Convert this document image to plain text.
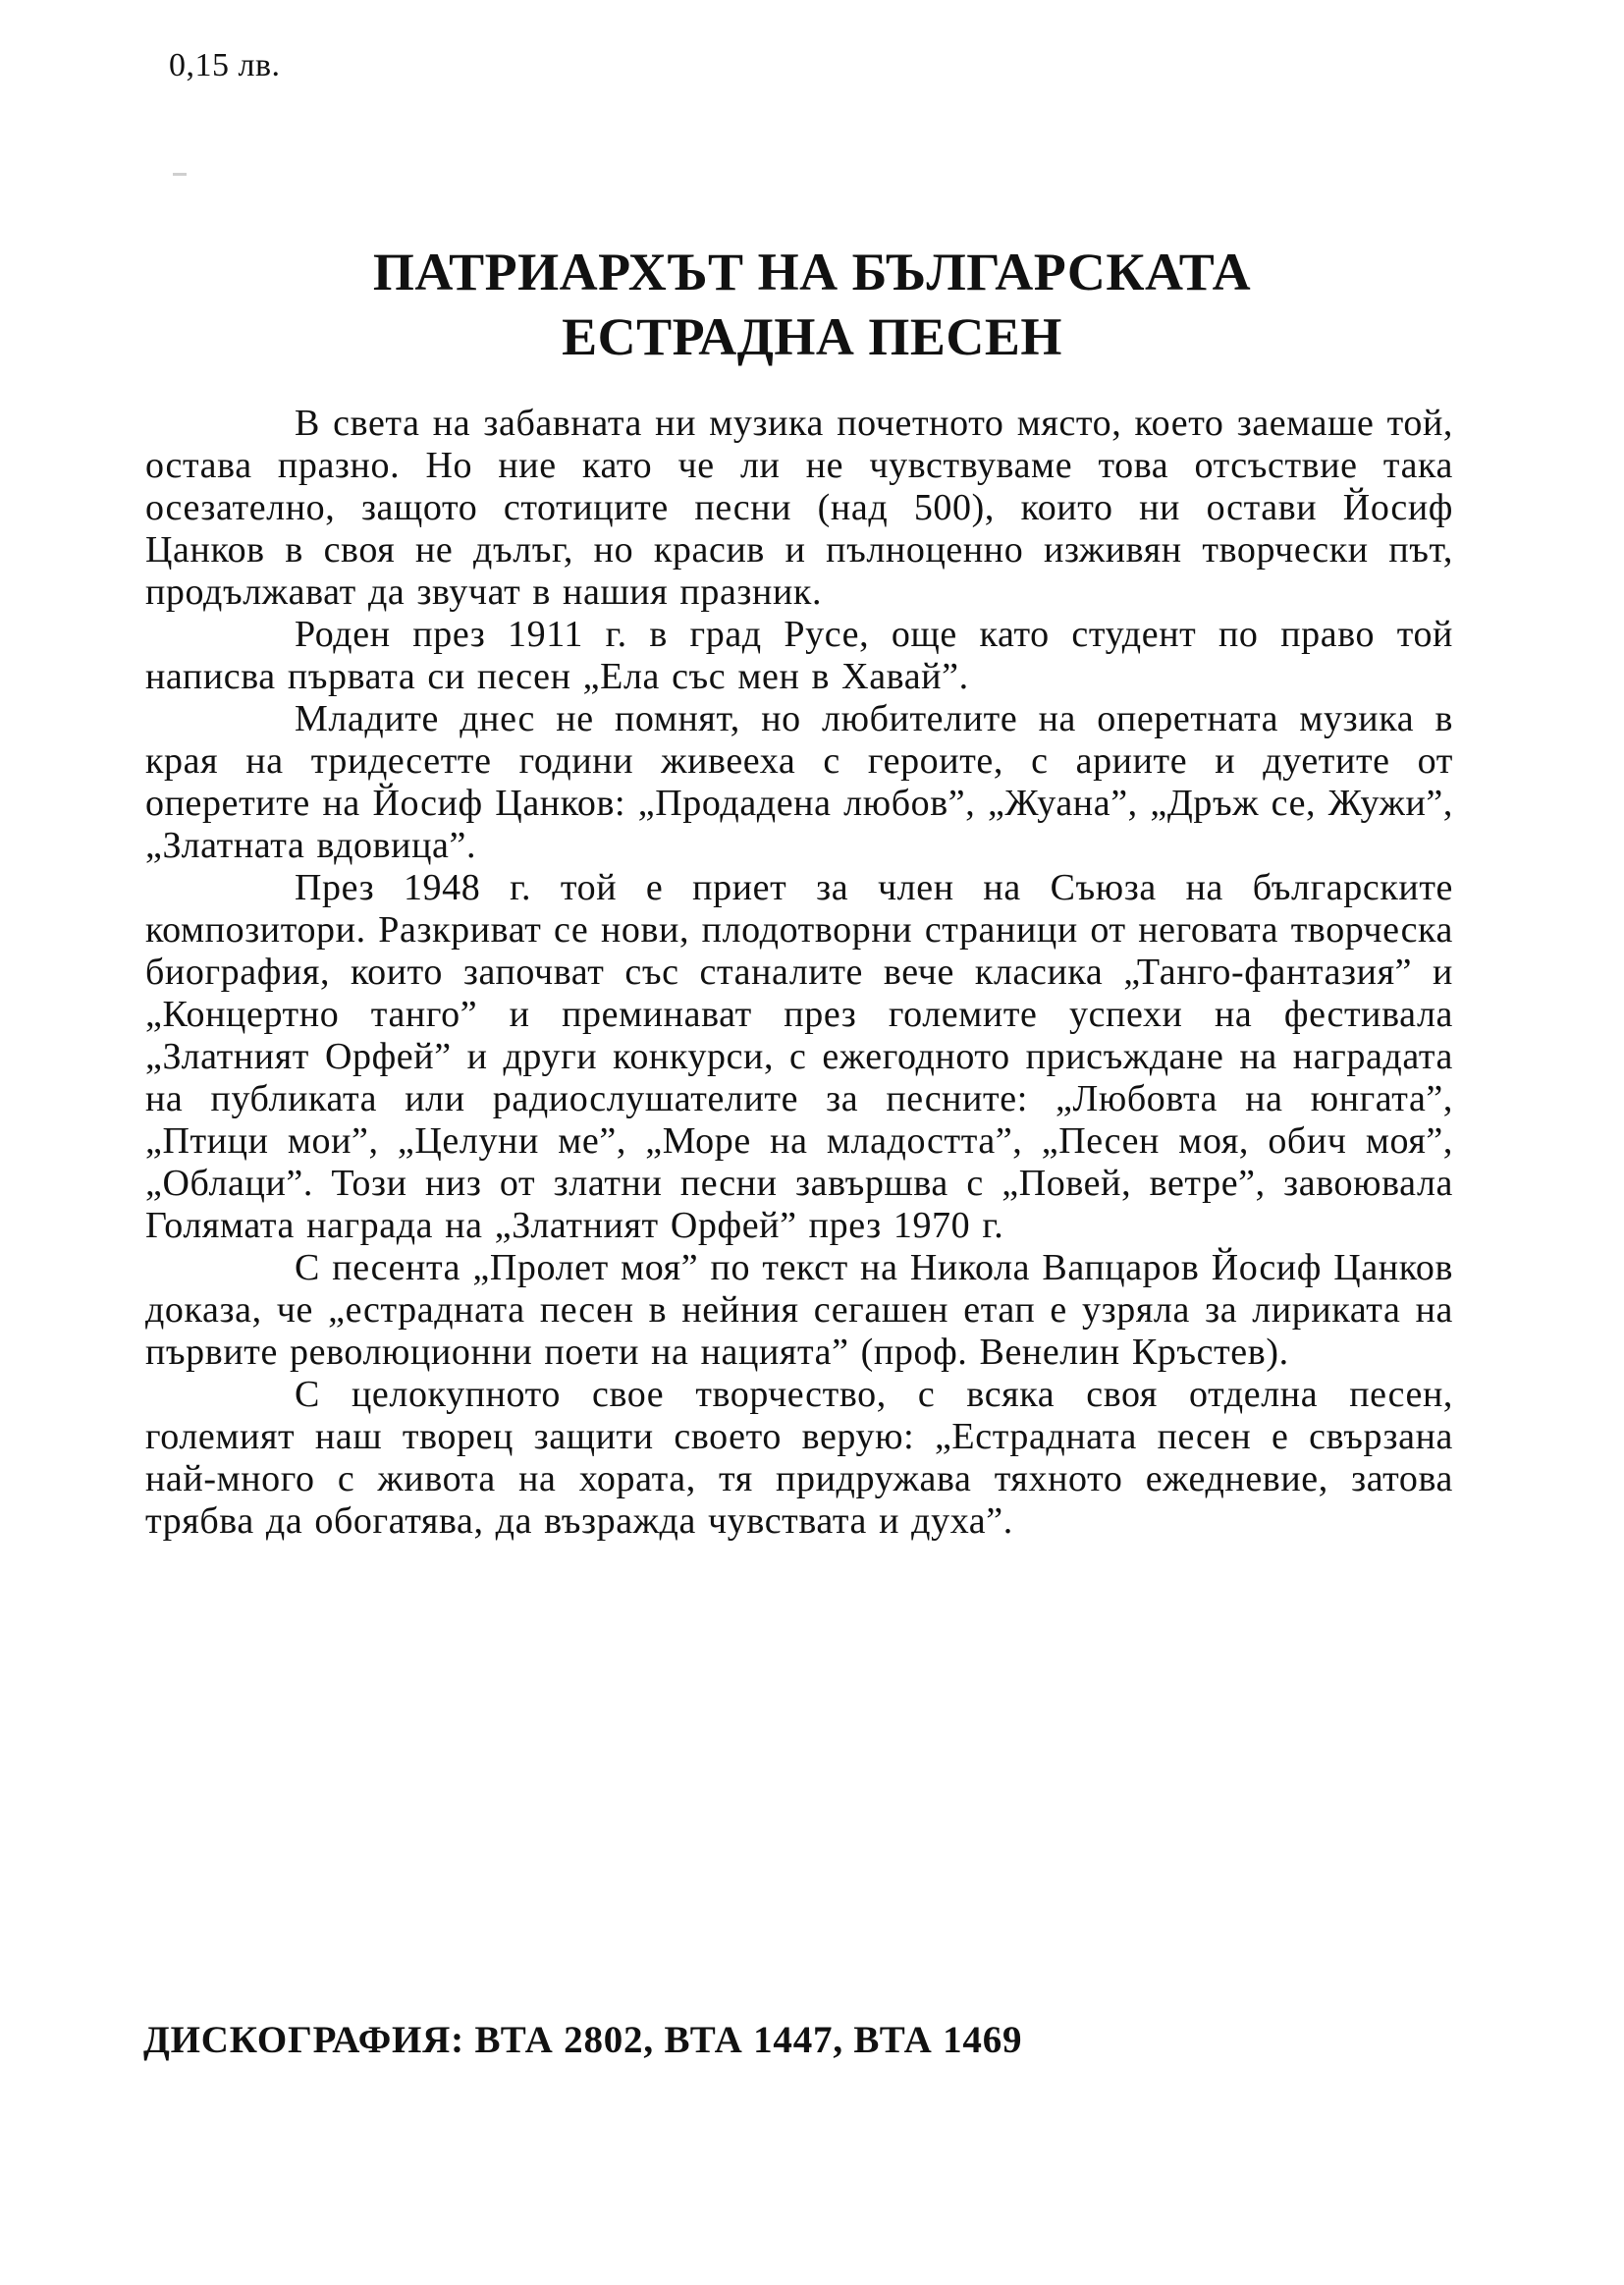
0,15 лв.

ПАТРИАРХЪТ НА БЪЛГАРСКАТА
ЕСТРАДНА ПЕСЕН

В света на забавната ни музика почетното място, което заемаше той, остава празно. Но ние като че ли не чувствуваме това отсъствие така осезателно, защото стотиците песни (над 500), които ни остави Йосиф Цанков в своя не дълъг, но красив и пълноценно изживян творчески път, продължават да звучат в нашия празник.

Роден през 1911 г. в град Русе, още като студент по право той написва първата си песен „Ела със мен в Хавай”.

Младите днес не помнят, но любителите на оперетната музика в края на тридесетте години живееха с героите, с ариите и дуетите от оперетите на Йосиф Цанков: „Продадена любов”, „Жуана”, „Дръж се, Жужи”, „Златната вдовица”.

През 1948 г. той е приет за член на Съюза на българските композитори. Разкриват се нови, плодотворни страници от неговата творческа биография, които започват със станалите вече класика „Танго-фантазия” и „Концертно танго” и преминават през големите успехи на фестивала „Златният Орфей” и други конкурси, с ежегодното присъждане на наградата на публиката или радиослушателите за песните: „Любовта на юнгата”, „Птици мои”, „Целуни ме”, „Море на младостта”, „Песен моя, обич моя”, „Облаци”. Този низ от златни песни завършва с „Повей, ветре”, завоювала Голямата награда на „Златният Орфей” през 1970 г.

С песента „Пролет моя” по текст на Никола Вапцаров Йосиф Цанков доказа, че „естрадната песен в нейния сегашен етап е узряла за лириката на първите революционни поети на нацията” (проф. Венелин Кръстев).

С целокупното свое творчество, с всяка своя отделна песен, големият наш творец защити своето верую: „Естрадната песен е свързана най-много с живота на хората, тя придружава тяхното ежедневие, затова трябва да обогатява, да възражда чувствата и духа”.

ДИСКОГРАФИЯ: ВТА 2802, ВТА 1447, ВТА 1469
